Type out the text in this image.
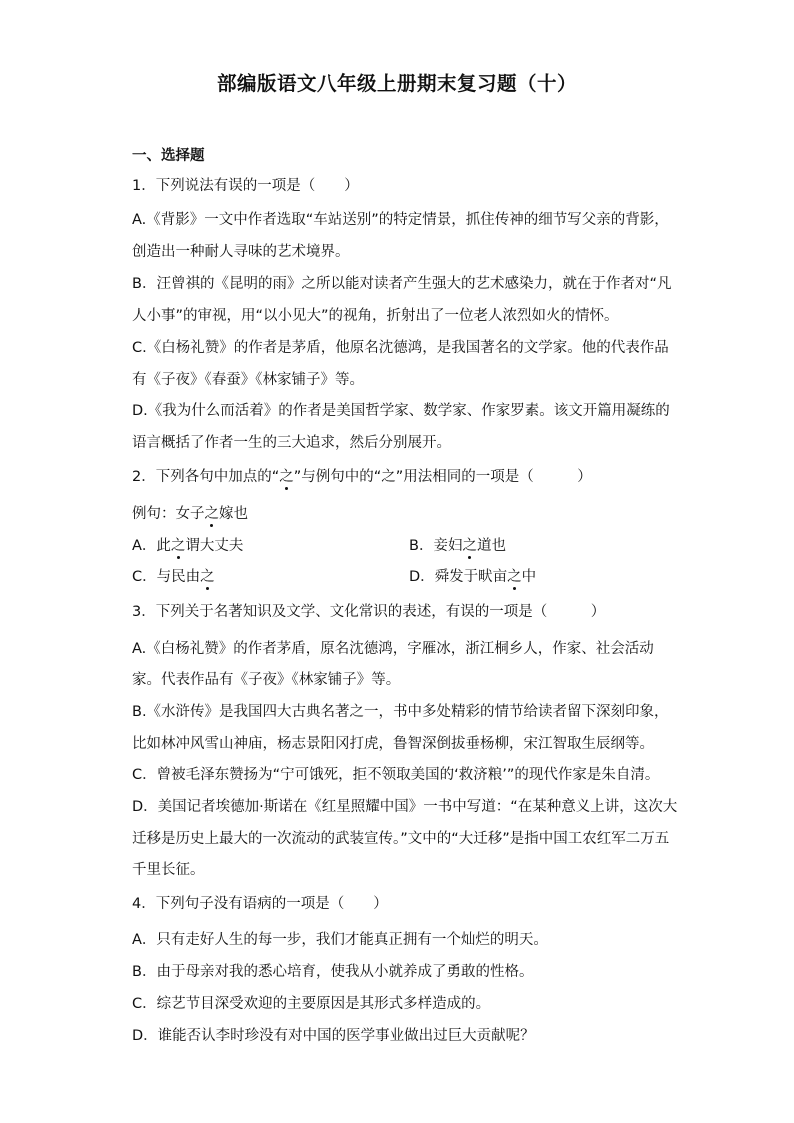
部编版语文八年级上册期末复习题（十）
一、选择题
1．下列说法有误的一项是（　　）
A.《背影》一文中作者选取“车站送别”的特定情景，抓住传神的细节写父亲的背影，
创造出一种耐人寻味的艺术境界。
B．汪曾祺的《昆明的雨》之所以能对读者产生强大的艺术感染力，就在于作者对“凡
人小事”的审视，用“以小见大”的视角，折射出了一位老人浓烈如火的情怀。
C.《白杨礼赞》的作者是茅盾，他原名沈德鸿，是我国著名的文学家。他的代表作品
有《子夜》《春蚕》《林家铺子》等。
D.《我为什么而活着》的作者是美国哲学家、数学家、作家罗素。该文开篇用凝练的
语言概括了作者一生的三大追求，然后分别展开。
2．下列各句中加点的“之”与例句中的“之”用法相同的一项是（　　　）
例句：女子之嫁也
A．此之谓大丈夫	B．妾妇之道也
C．与民由之	D．舜发于畎亩之中
3．下列关于名著知识及文学、文化常识的表述，有误的一项是（　　　）
A.《白杨礼赞》的作者茅盾，原名沈德鸿，字雁冰，浙江桐乡人，作家、社会活动
家。代表作品有《子夜》《林家铺子》等。
B.《水浒传》是我国四大古典名著之一，书中多处精彩的情节给读者留下深刻印象，
比如林冲风雪山神庙，杨志景阳冈打虎，鲁智深倒拔垂杨柳，宋江智取生辰纲等。
C．曾被毛泽东赞扬为“宁可饿死，拒不领取美国的‘救济粮’”的现代作家是朱自清。
D．美国记者埃德加·斯诺在《红星照耀中国》一书中写道：“在某种意义上讲，这次大
迁移是历史上最大的一次流动的武装宣传。”文中的“大迁移”是指中国工农红军二万五
千里长征。
4．下列句子没有语病的一项是（　　）
A．只有走好人生的每一步，我们才能真正拥有一个灿烂的明天。
B．由于母亲对我的悉心培育，使我从小就养成了勇敢的性格。
C．综艺节目深受欢迎的主要原因是其形式多样造成的。
D．谁能否认李时珍没有对中国的医学事业做出过巨大贡献呢？
